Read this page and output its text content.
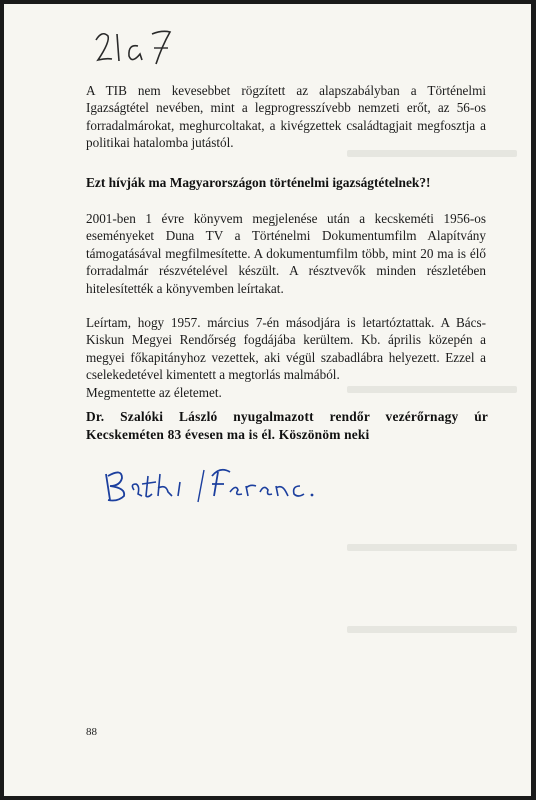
A TIB nem kevesebbet rögzített az alapszabályban a Történelmi Igazságtétel nevében, mint a legprogresszívebb nemzeti erőt, az 56-os forradalmárokat, meghurcoltakat, a kivégzettek családtagjait megfosztja a politikai hatalomba jutástól.

Ezt hívják ma Magyarországon történelmi igazságtételnek?!

2001-ben 1 évre könyvem megjelenése után a kecskeméti 1956-os eseményeket Duna TV a Történelmi Dokumentumfilm Alapítvány támogatásával megfilmesítette. A dokumentumfilm több, mint 20 ma is élő forradalmár részvételével készült. A résztvevők minden részletében hitelesítették a könyvemben leírtakat.

Leírtam, hogy 1957. március 7-én másodjára is letartóztattak. A Bács-Kiskun Megyei Rendőrség fogdájába kerültem. Kb. április közepén a megyei főkapitányhoz vezettek, aki végül szabadlábra helyezett. Ezzel a cselekedetével kimentett a megtorlás malmából.

Megmentette az életemet.

Dr. Szalóki László nyugalmazott rendőr vezérőrnagy úr Kecskeméten 83 évesen ma is él. Köszönöm neki

88
